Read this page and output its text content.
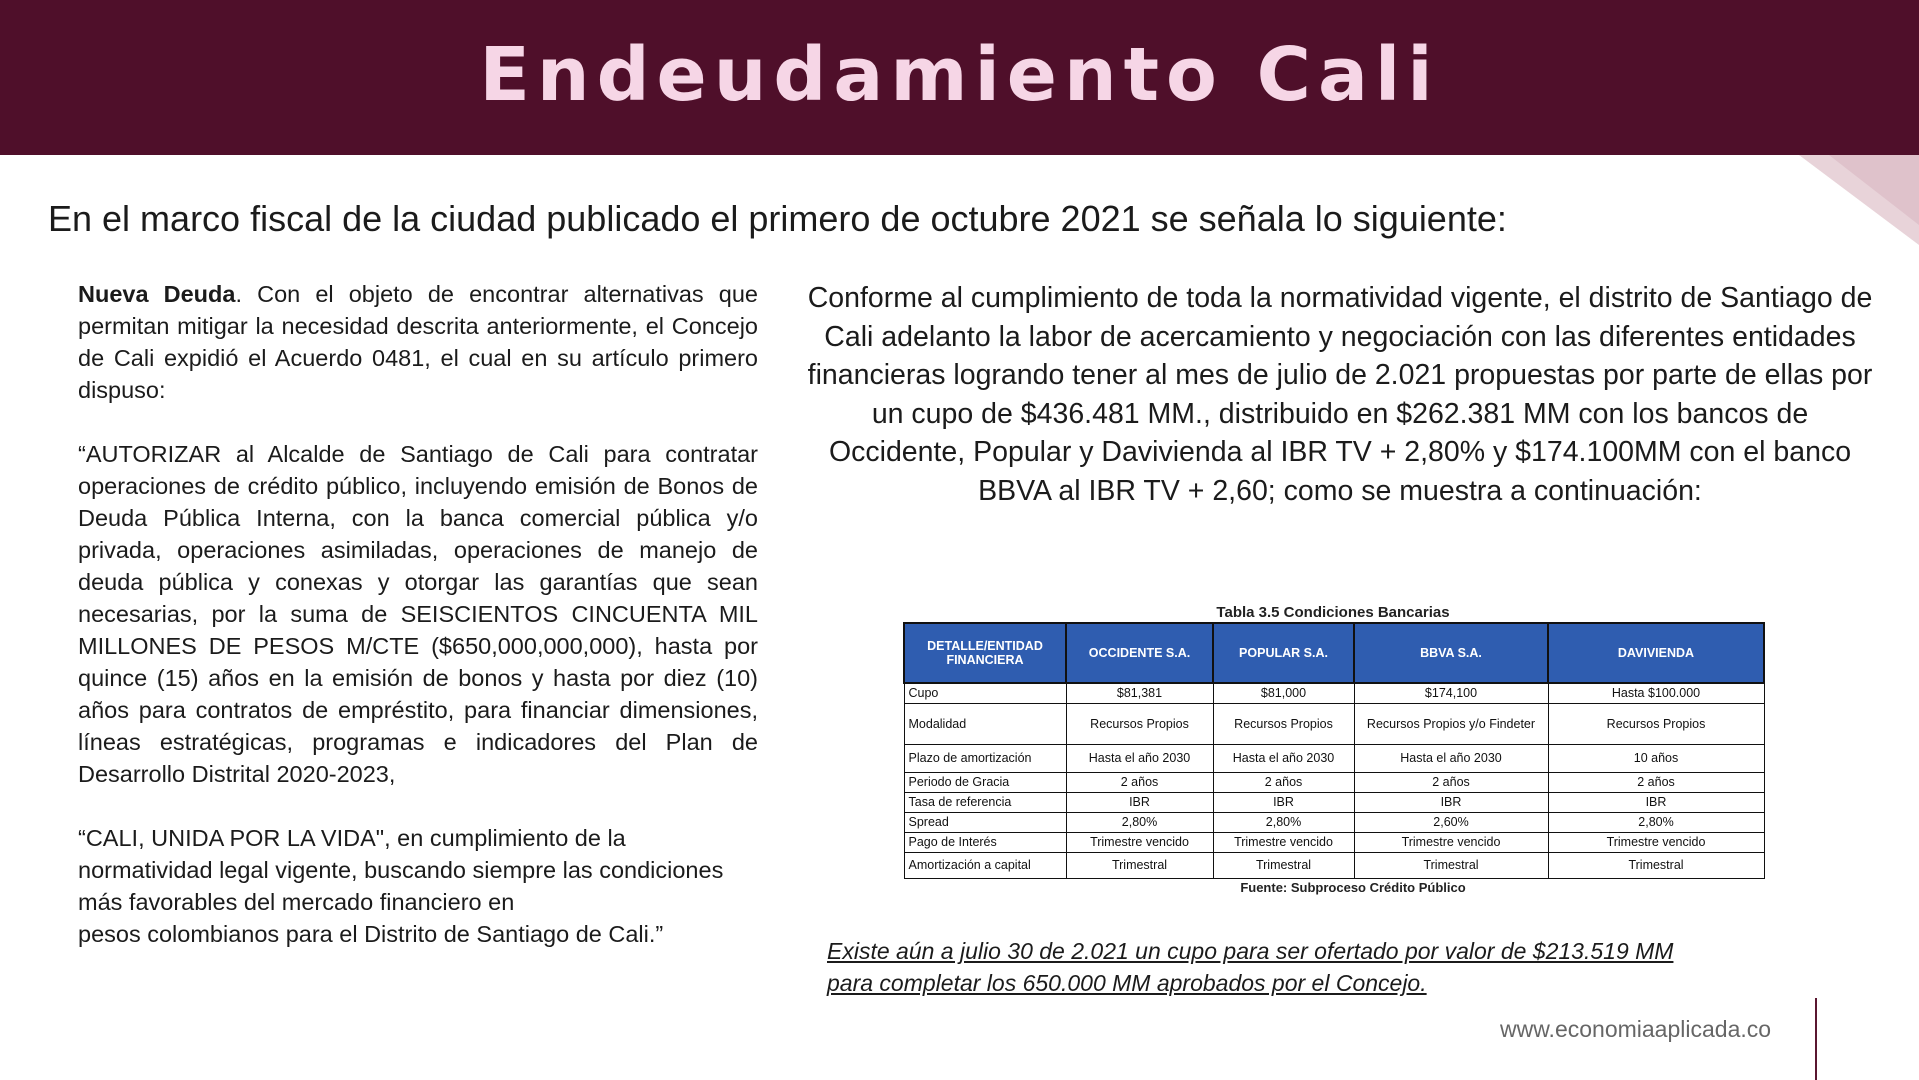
Endeudamiento Cali
En el marco fiscal de la ciudad publicado el primero de octubre 2021 se señala lo siguiente:

Nueva Deuda. Con el objeto de encontrar alternativas que permitan mitigar la necesidad descrita anteriormente, el Concejo de Cali expidió el Acuerdo 0481, el cual en su artículo primero dispuso:

“AUTORIZAR al Alcalde de Santiago de Cali para contratar operaciones de crédito público, incluyendo emisión de Bonos de Deuda Pública Interna, con la banca comercial pública y/o privada, operaciones asimiladas, operaciones de manejo de deuda pública y conexas y otorgar las garantías que sean necesarias, por la suma de SEISCIENTOS CINCUENTA MIL MILLONES DE PESOS M/CTE ($650,000,000,000), hasta por quince (15) años en la emisión de bonos y hasta por diez (10) años para contratos de empréstito, para financiar dimensiones, líneas estratégicas, programas e indicadores del Plan de Desarrollo Distrital 2020-2023,

“CALI, UNIDA POR LA VIDA", en cumplimiento de la normatividad legal vigente, buscando siempre las condiciones más favorables del mercado financiero en

pesos colombianos para el Distrito de Santiago de Cali.”

Conforme al cumplimiento de toda la normatividad vigente, el distrito de Santiago de Cali adelanto la labor de acercamiento y negociación con las diferentes entidades financieras logrando tener al mes de julio de 2.021 propuestas por parte de ellas por un cupo de $436.481 MM., distribuido en $262.381 MM con los bancos de Occidente, Popular y Davivienda al IBR TV + 2,80% y $174.100MM con el banco BBVA al IBR TV + 2,60; como se muestra a continuación:
Tabla 3.5 Condiciones Bancarias
DETALLE/ENTIDAD FINANCIERA	OCCIDENTE S.A.	POPULAR S.A.	BBVA S.A.	DAVIVIENDA
Cupo	$81,381	$81,000	$174,100	Hasta $100.000
Modalidad	Recursos Propios	Recursos Propios	Recursos Propios y/o Findeter	Recursos Propios
Plazo de amortización	Hasta el año 2030	Hasta el año 2030	Hasta el año 2030	10 años
Periodo de Gracia	2 años	2 años	2 años	2 años
Tasa de referencia	IBR	IBR	IBR	IBR
Spread	2,80%	2,80%	2,60%	2,80%
Pago de Interés	Trimestre vencido	Trimestre vencido	Trimestre vencido	Trimestre vencido
Amortización a capital	Trimestral	Trimestral	Trimestral	Trimestral
Fuente: Subproceso Crédito Público
Existe aún a julio 30 de 2.021 un cupo para ser ofertado por valor de $213.519 MM
para completar los 650.000 MM aprobados por el Concejo.
www.economiaaplicada.co
